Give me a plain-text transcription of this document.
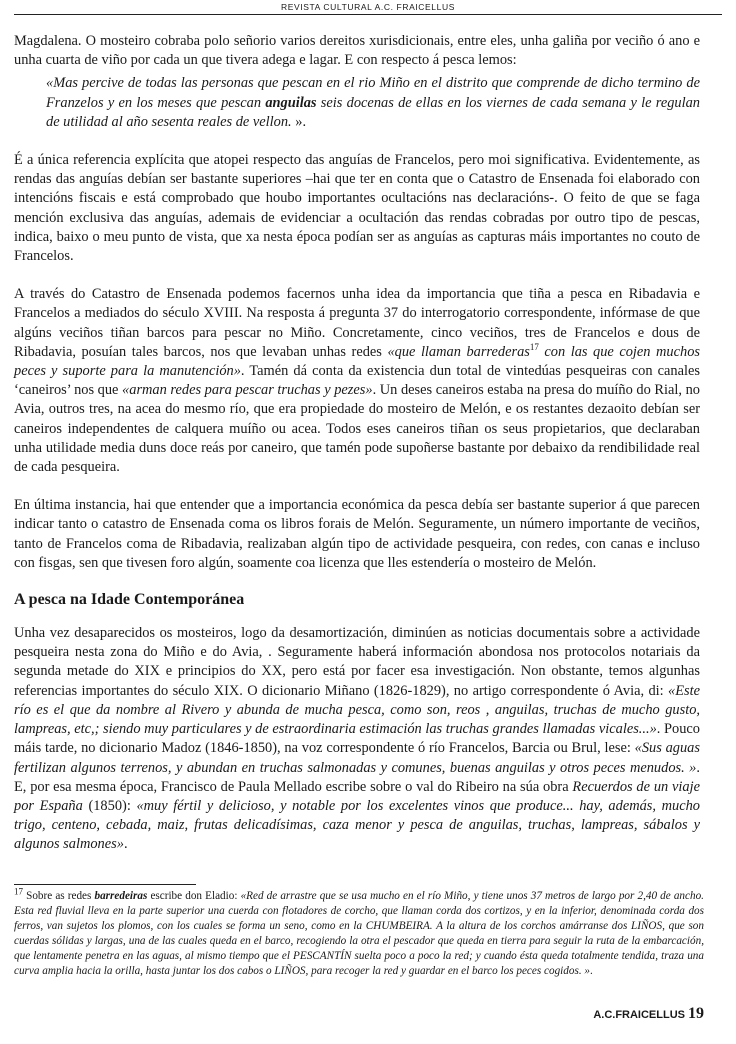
REVISTA CULTURAL A.C. FRAICELLUS

Magdalena. O mosteiro cobraba polo señorio varios dereitos xurisdicionais, entre eles, unha galiña por veciño ó ano e unha cuarta de viño por cada un que tivera adega e lagar. E con respecto á pesca lemos:

«Mas percive de todas las personas que pescan en el rio Miño en el distrito que comprende de dicho termino de Franzelos y en los meses que pescan anguilas seis docenas de ellas en los viernes de cada semana y le regulan de utilidad al año sesenta reales de vellon. ».

É a única referencia explícita que atopei respecto das anguías de Francelos, pero moi significativa. Evidentemente, as rendas das anguías debían ser bastante superiores –hai que ter en conta que o Catastro de Ensenada foi elaborado con intencións fiscais e está comprobado que houbo importantes ocultacións nas declaracións-. O feito de que se faga mención exclusiva das anguías, ademais de evidenciar a ocultación das rendas cobradas por outro tipo de pescas, indica, baixo o meu punto de vista, que xa nesta época podían ser as anguías as capturas máis importantes no couto de Francelos.

A través do Catastro de Ensenada podemos facernos unha idea da importancia que tiña a pesca en Ribadavia e Francelos a mediados do século XVIII. Na resposta á pregunta 37 do interrogatorio correspondente, infórmase de que algúns veciños tiñan barcos para pescar no Miño. Concretamente, cinco veciños, tres de Francelos e dous de Ribadavia, posuían tales barcos, nos que levaban unhas redes «que llaman barrederas$^{17}$ con las que cojen muchos peces y suporte para la manutención». Tamén dá conta da existencia dun total de vintedúas pesqueiras con canales ‘caneiros’ nos que «arman redes para pescar truchas y pezes». Un deses caneiros estaba na presa do muíño do Rial, no Avia, outros tres, na acea do mesmo río, que era propiedade do mosteiro de Melón, e os restantes dezaoito debían ser caneiros independentes de calquera muíño ou acea. Todos eses caneiros tiñan os seus propietarios, que declaraban unha utilidade media duns doce reás por caneiro, que tamén pode supoñerse bastante por debaixo da rendibilidade real de cada pesqueira.

En última instancia, hai que entender que a importancia económica da pesca debía ser bastante superior á que parecen indicar tanto o catastro de Ensenada coma os libros forais de Melón. Seguramente, un número importante de veciños, tanto de Francelos coma de Ribadavia, realizaban algún tipo de actividade pesqueira, con redes, con canas e incluso con fisgas, sen que tivesen foro algún, soamente coa licenza que lles estendería o mosteiro de Melón.

A pesca na Idade Contemporánea

Unha vez desaparecidos os mosteiros, logo da desamortización, diminúen as noticias documentais sobre a actividade pesqueira nesta zona do Miño e do Avia, . Seguramente haberá información abondosa nos protocolos notariais da segunda metade do XIX e principios do XX, pero está por facer esa investigación. Non obstante, temos algunhas referencias importantes do século XIX. O dicionario Miñano (1826-1829), no artigo correspondente ó Avia, di: «Este río es el que da nombre al Rivero y abunda de mucha pesca, como son, reos , anguilas, truchas de mucho gusto, lampreas, etc,; siendo muy particulares y de estraordinaria estimación las truchas grandes llamadas vicales...». Pouco máis tarde, no dicionario Madoz (1846-1850), na voz correspondente ó río Francelos, Barcia ou Brul, lese: «Sus aguas fertilizan algunos terrenos, y abundan en truchas salmonadas y comunes, buenas anguilas y otros peces menudos. ». E, por esa mesma época, Francisco de Paula Mellado escribe sobre o val do Ribeiro na súa obra Recuerdos de un viaje por España (1850): «muy fértil y delicioso, y notable por los excelentes vinos que produce... hay, además, mucho trigo, centeno, cebada, maiz, frutas delicadísimas, caza menor y pesca de anguilas, truchas, lampreas, sábalos y algunos salmones».

$^{17}$ Sobre as redes barredeiras escribe don Eladio: «Red de arrastre que se usa mucho en el río Miño, y tiene unos 37 metros de largo por 2,40 de ancho. Esta red fluvial lleva en la parte superior una cuerda con flotadores de corcho, que llaman corda dos cortizos, y en la inferior, denominada corda dos ferros, van sujetos los plomos, con los cuales se forma un seno, como en la CHUMBEIRA. A la altura de los corchos amárranse dos LIÑOS, que son cuerdas sólidas y largas, una de las cuales queda en el barco, recogiendo la otra el pescador que queda en tierra para seguir la ruta de la embarcación, que lentamente penetra en las aguas, al mismo tiempo que el PESCANTÍN suelta poco a poco la red; y cuando ésta queda totalmente tendida, traza una curva amplia hacia la orilla, hasta juntar los dos cabos o LIÑOS, para recoger la red y guardar en el barco los peces cogidos. ».

A.C.FRAICELLUS 19
